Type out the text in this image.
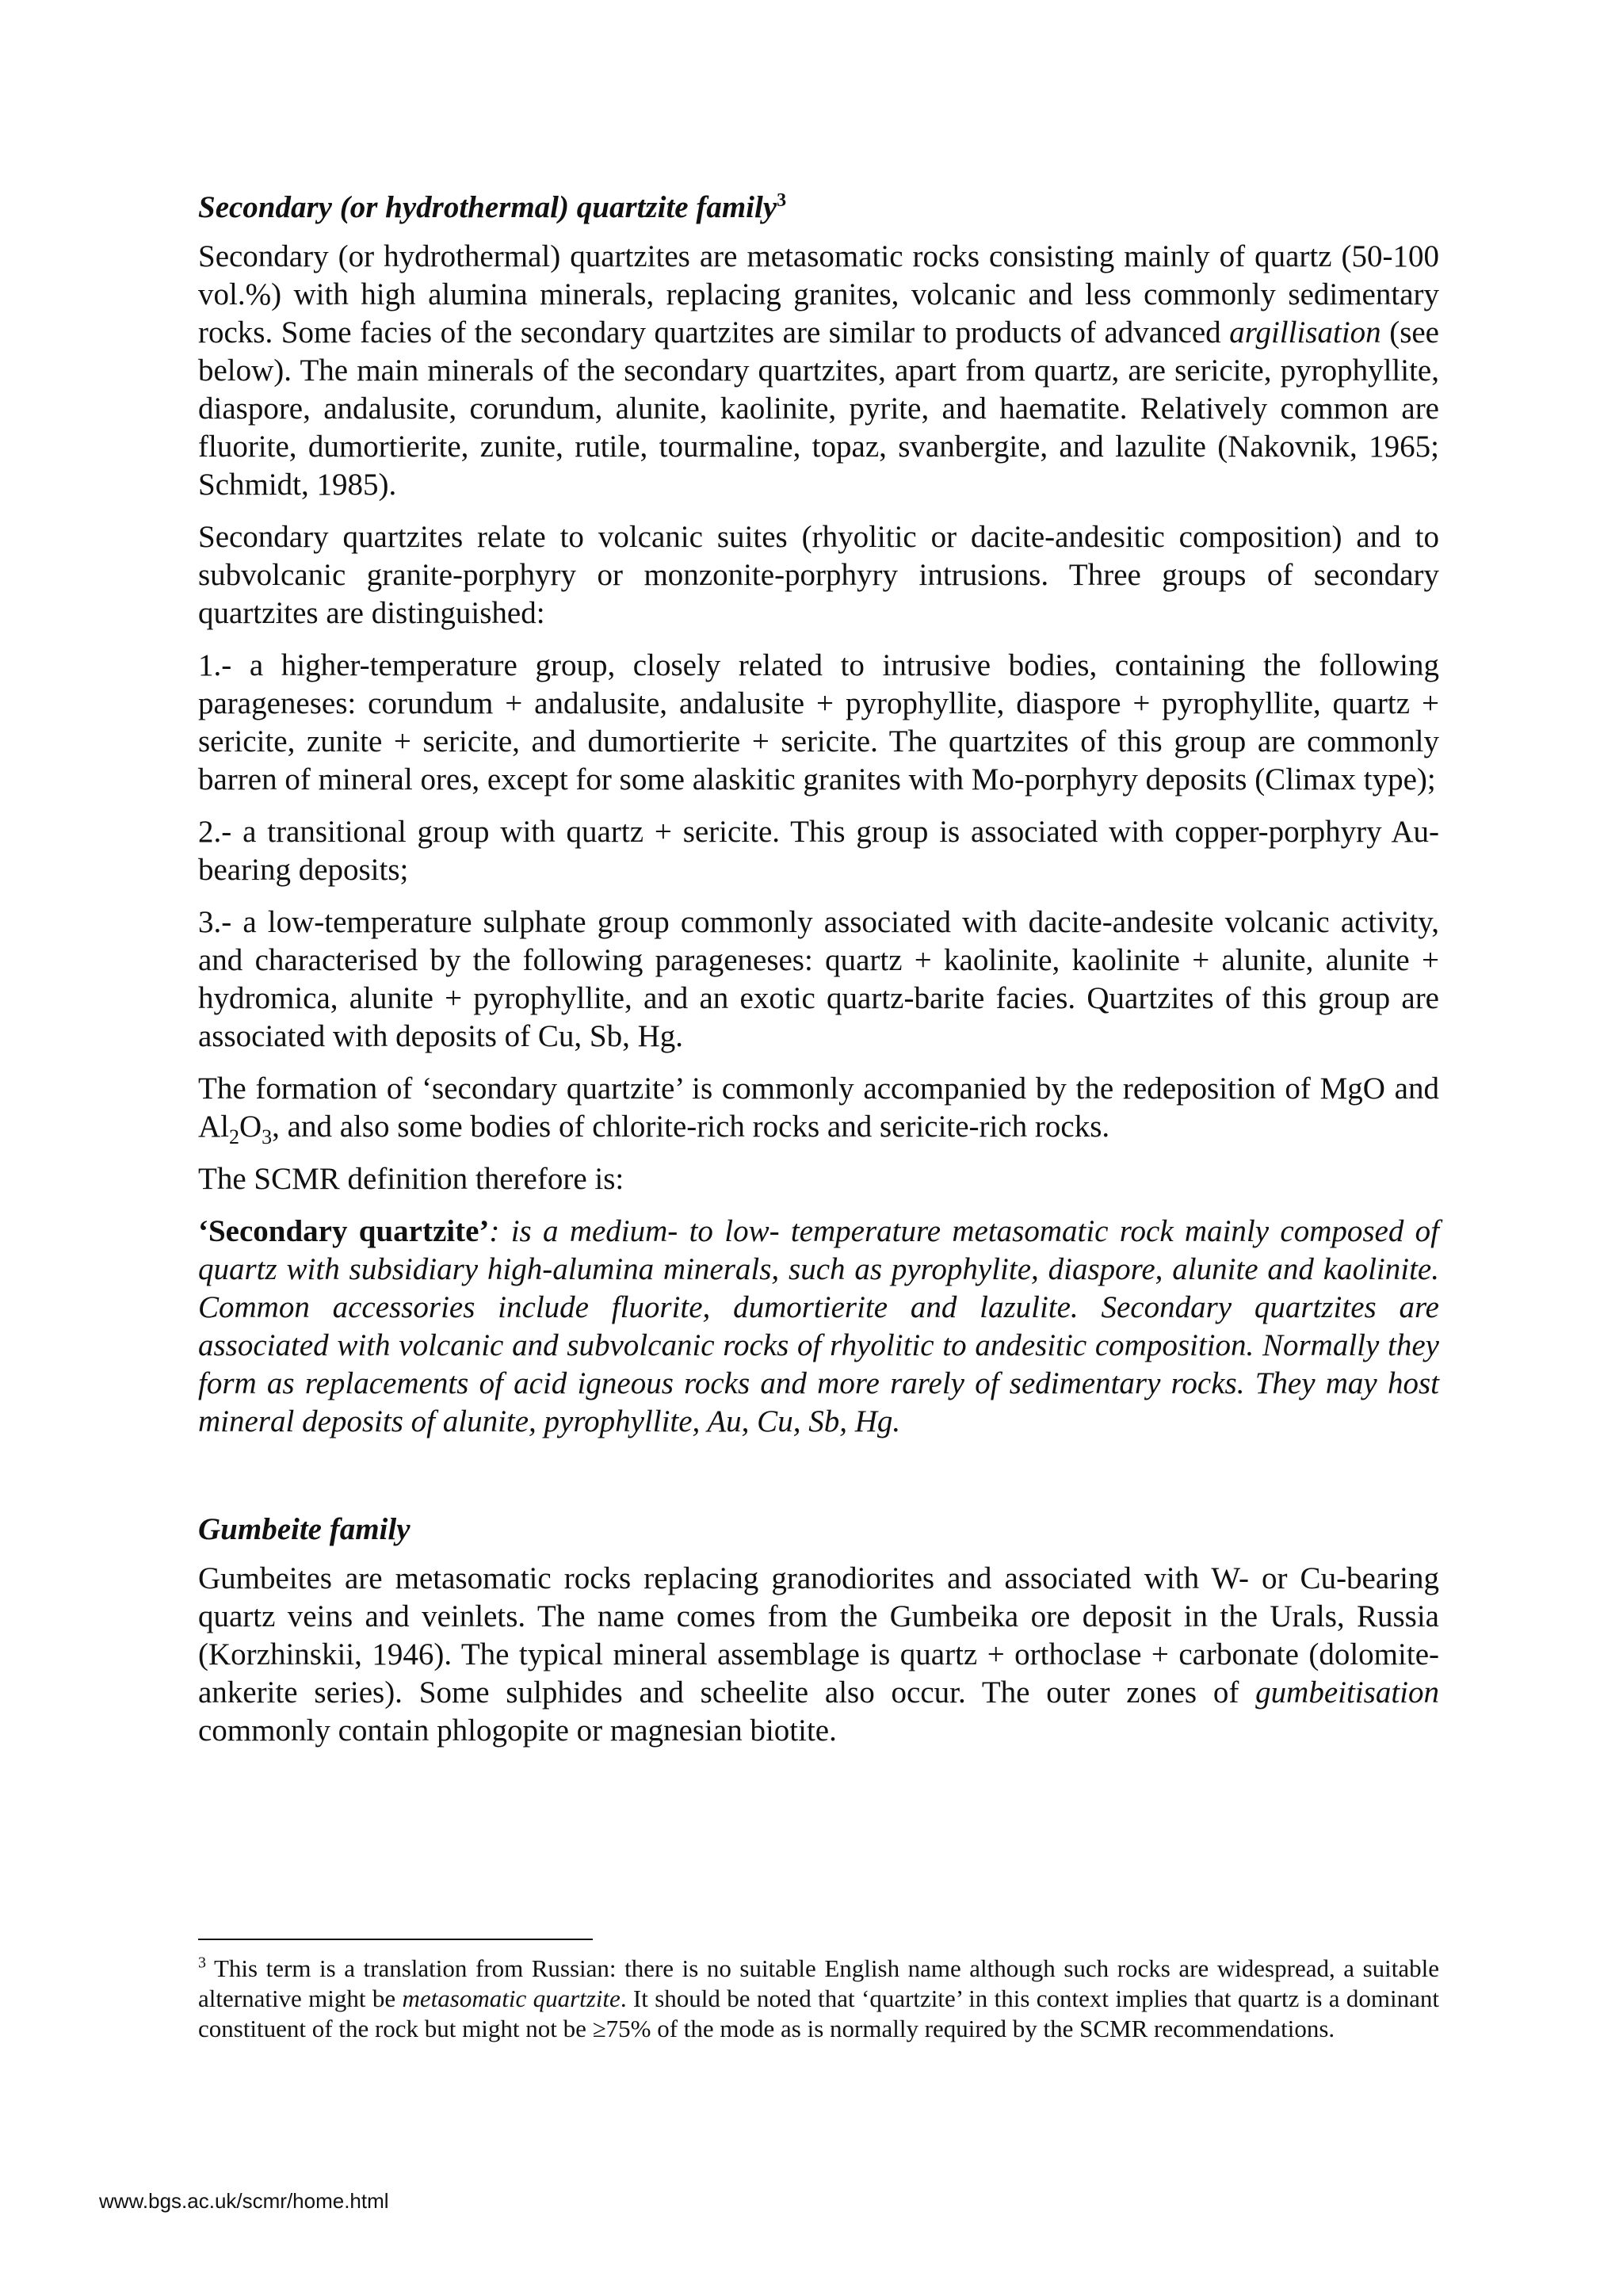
Secondary (or hydrothermal) quartzite family$^3$

Secondary (or hydrothermal) quartzites are metasomatic rocks consisting mainly of quartz (50-100 vol.%) with high alumina minerals, replacing granites, volcanic and less commonly sedimentary rocks. Some facies of the secondary quartzites are similar to products of advanced argillisation (see below). The main minerals of the secondary quartzites, apart from quartz, are sericite, pyrophyllite, diaspore, andalusite, corundum, alunite, kaolinite, pyrite, and haematite. Relatively common are fluorite, dumortierite, zunite, rutile, tourmaline, topaz, svanbergite, and lazulite (Nakovnik, 1965; Schmidt, 1985).

Secondary quartzites relate to volcanic suites (rhyolitic or dacite-andesitic composition) and to subvolcanic granite-porphyry or monzonite-porphyry intrusions. Three groups of secondary quartzites are distinguished:

1.- a higher-temperature group, closely related to intrusive bodies, containing the following parageneses: corundum + andalusite, andalusite + pyrophyllite, diaspore + pyrophyllite, quartz + sericite, zunite + sericite, and dumortierite + sericite. The quartzites of this group are commonly barren of mineral ores, except for some alaskitic granites with Mo-porphyry deposits (Climax type);

2.- a transitional group with quartz + sericite. This group is associated with copper-porphyry Au-bearing deposits;

3.- a low-temperature sulphate group commonly associated with dacite-andesite volcanic activity, and characterised by the following parageneses: quartz + kaolinite, kaolinite + alunite, alunite + hydromica, alunite + pyrophyllite, and an exotic quartz-barite facies. Quartzites of this group are associated with deposits of Cu, Sb, Hg.

The formation of ‘secondary quartzite’ is commonly accompanied by the redeposition of MgO and $Al_2O_3$, and also some bodies of chlorite-rich rocks and sericite-rich rocks.

The SCMR definition therefore is:

‘Secondary quartzite’: is a medium- to low- temperature metasomatic rock mainly composed of quartz with subsidiary high-alumina minerals, such as pyrophylite, diaspore, alunite and kaolinite. Common accessories include fluorite, dumortierite and lazulite. Secondary quartzites are associated with volcanic and subvolcanic rocks of rhyolitic to andesitic composition. Normally they form as replacements of acid igneous rocks and more rarely of sedimentary rocks. They may host mineral deposits of alunite, pyrophyllite, Au, Cu, Sb, Hg.

Gumbeite family

Gumbeites are metasomatic rocks replacing granodiorites and associated with W- or Cu-bearing quartz veins and veinlets. The name comes from the Gumbeika ore deposit in the Urals, Russia (Korzhinskii, 1946). The typical mineral assemblage is quartz + orthoclase + carbonate (dolomite-ankerite series). Some sulphides and scheelite also occur. The outer zones of gumbeitisation commonly contain phlogopite or magnesian biotite.

$^3$ This term is a translation from Russian: there is no suitable English name although such rocks are widespread, a suitable alternative might be metasomatic quartzite. It should be noted that ‘quartzite’ in this context implies that quartz is a dominant constituent of the rock but might not be ≥75% of the mode as is normally required by the SCMR recommendations.
www.bgs.ac.uk/scmr/home.html
